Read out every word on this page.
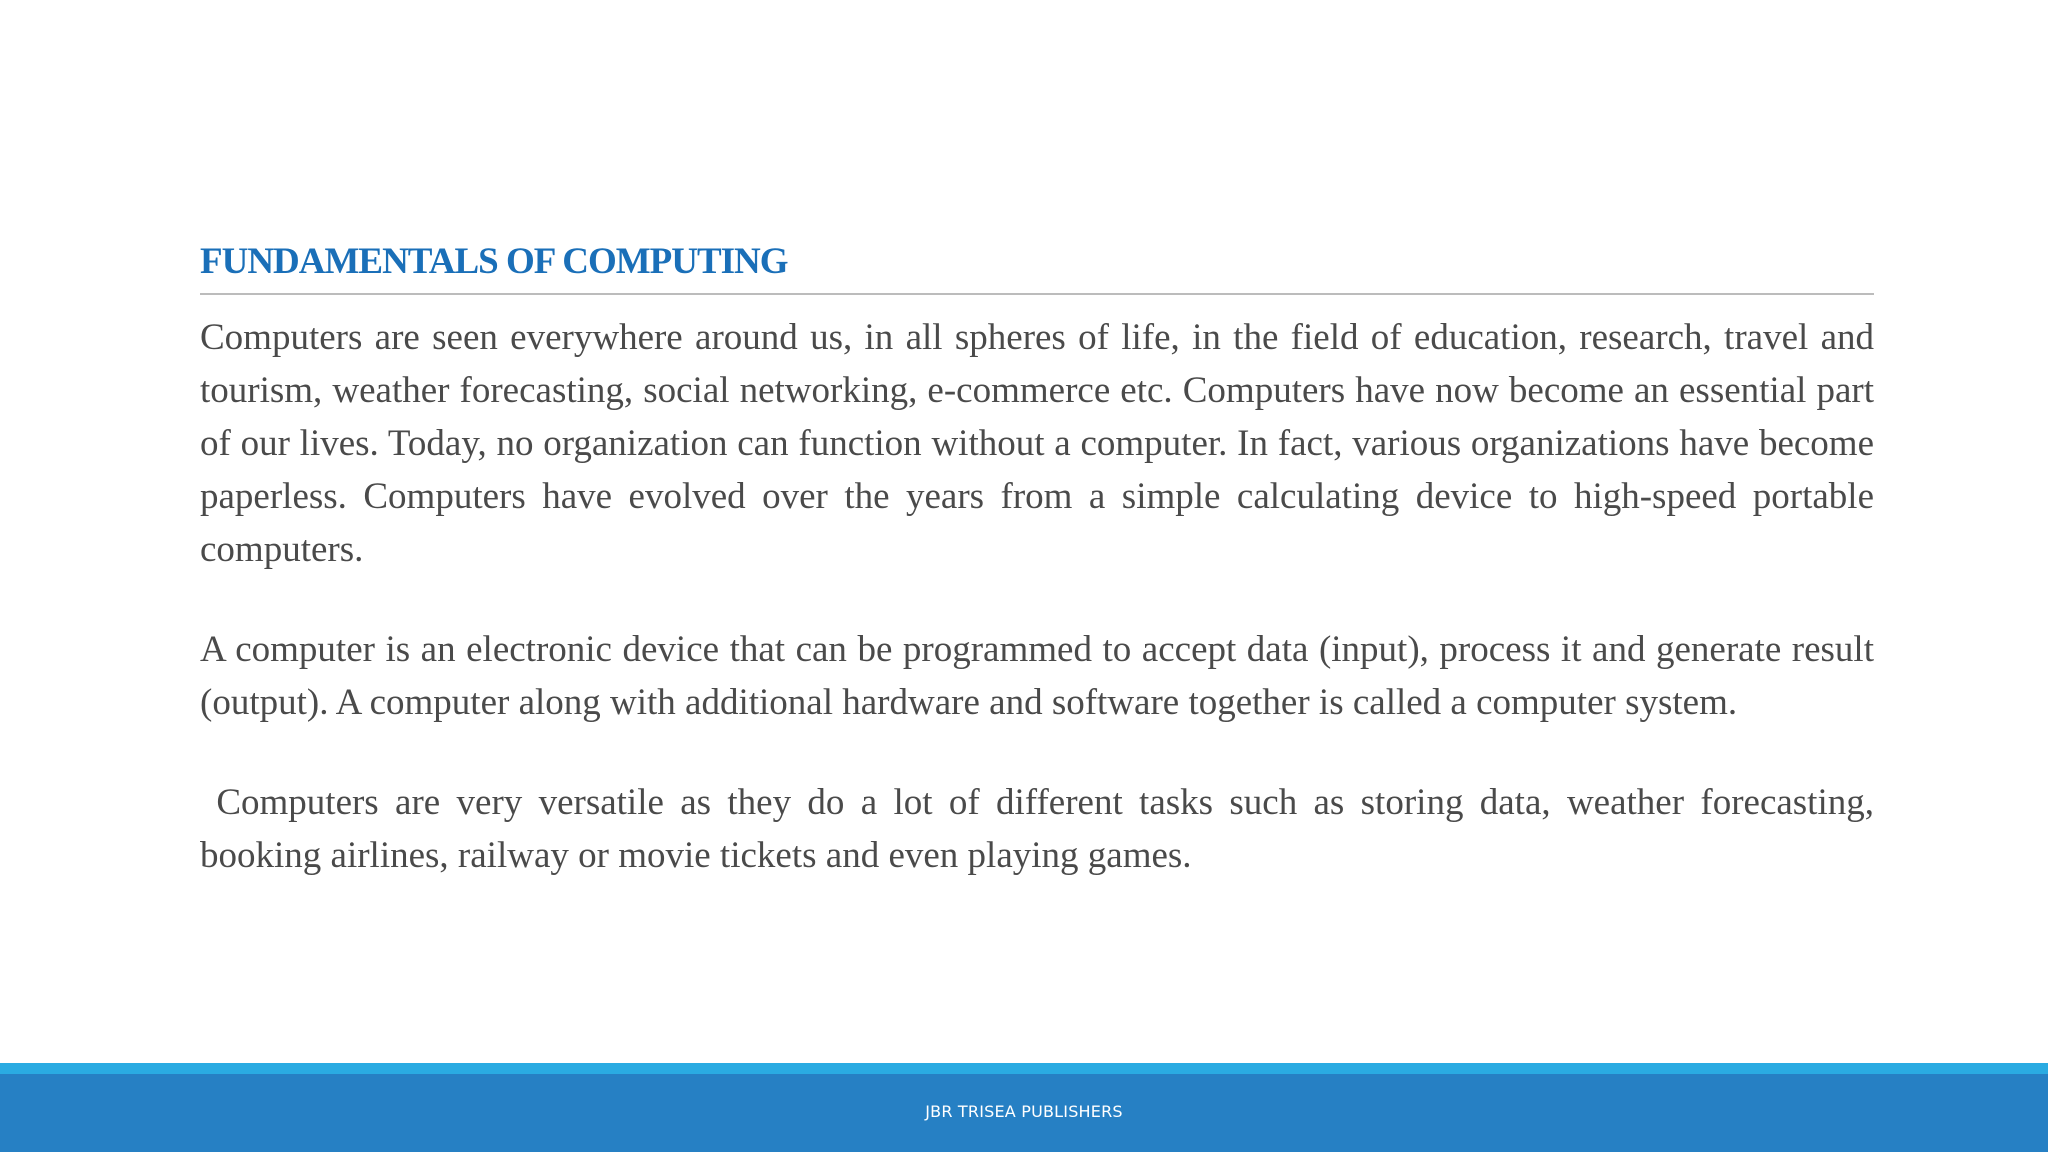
FUNDAMENTALS OF COMPUTING

Computers are seen everywhere around us, in all spheres of life, in the field of education, research, travel and tourism, weather forecasting, social networking, e-commerce etc. Computers have now become an essential part of our lives. Today, no organization can function without a computer. In fact, various organizations have become paperless. Computers have evolved over the years from a simple calculating device to high-speed portable computers.

A computer is an electronic device that can be programmed to accept data (input), process it and generate result (output). A computer along with additional hardware and software together is called a computer system.

Computers are very versatile as they do a lot of different tasks such as storing data, weather forecasting, booking airlines, railway or movie tickets and even playing games.

JBR TRISEA PUBLISHERS
